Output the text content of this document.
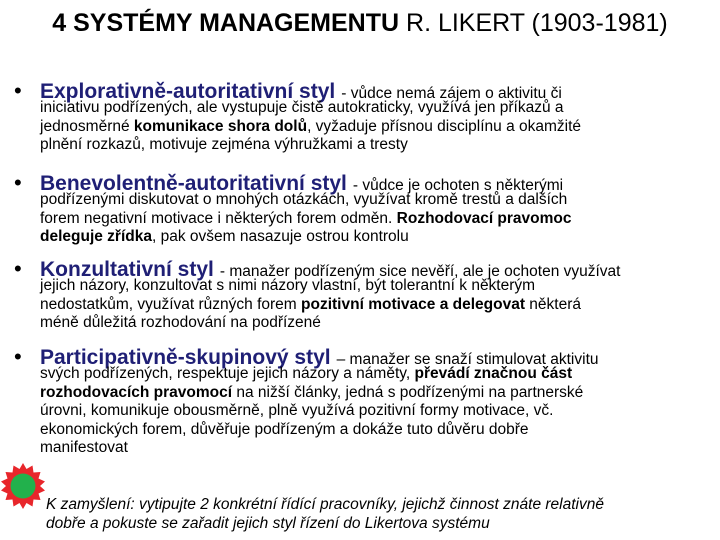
4 SYSTÉMY MANAGEMENTU R. LIKERT (1903-1981)
• Explorativně-autoritativní styl - vůdce nemá zájem o aktivitu či
iniciativu podřízených, ale vystupuje čistě autokraticky, využívá jen příkazů a
jednosměrné komunikace shora dolů, vyžaduje přísnou disciplínu a okamžité
plnění rozkazů, motivuje zejména výhružkami a tresty
• Benevolentně-autoritativní styl - vůdce je ochoten s některými
podřízenými diskutovat o mnohých otázkách, využívat kromě trestů a dalších
forem negativní motivace i některých forem odměn. Rozhodovací pravomoc
deleguje zřídka, pak ovšem nasazuje ostrou kontrolu
• Konzultativní styl - manažer podřízeným sice nevěří, ale je ochoten využívat
jejich názory, konzultovat s nimi názory vlastní, být tolerantní k některým
nedostatkům, využívat různých forem pozitivní motivace a delegovat některá
méně důležitá rozhodování na podřízené
• Participativně-skupinový styl – manažer se snaží stimulovat aktivitu
svých podřízených, respektuje jejich názory a náměty, převádí značnou část
rozhodovacích pravomocí na nižší články, jedná s podřízenými na partnerské
úrovni, komunikuje obousměrně, plně využívá pozitivní formy motivace, vč.
ekonomických forem, důvěřuje podřízeným a dokáže tuto důvěru dobře
manifestovat
K zamyšlení: vytipujte 2 konkrétní řídící pracovníky, jejichž činnost znáte relativně
dobře a pokuste se zařadit jejich styl řízení do Likertova systému
